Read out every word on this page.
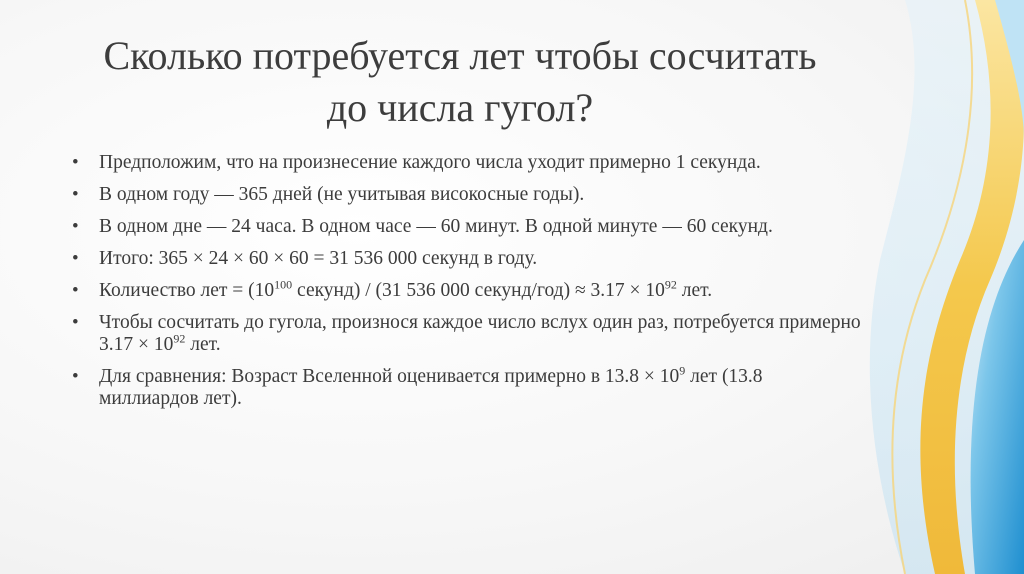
Сколько потребуется лет чтобы сосчитать до числа гугол?
• Предположим, что на произнесение каждого числа уходит примерно 1 секунда.
• В одном году — 365 дней (не учитывая високосные годы).
• В одном дне — 24 часа. В одном часе — 60 минут. В одной минуте — 60 секунд.
• Итого: 365 × 24 × 60 × 60 = 31 536 000 секунд в году.
• Количество лет = ($10^{100}$ секунд) / (31 536 000 секунд/год) ≈ $3.17 \times 10^{92}$ лет.
• Чтобы сосчитать до гугола, произнося каждое число вслух один раз, потребуется примерно $3.17 \times 10^{92}$ лет.
• Для сравнения: Возраст Вселенной оценивается примерно в $13.8 \times 10^9$ лет (13.8 миллиардов лет).
